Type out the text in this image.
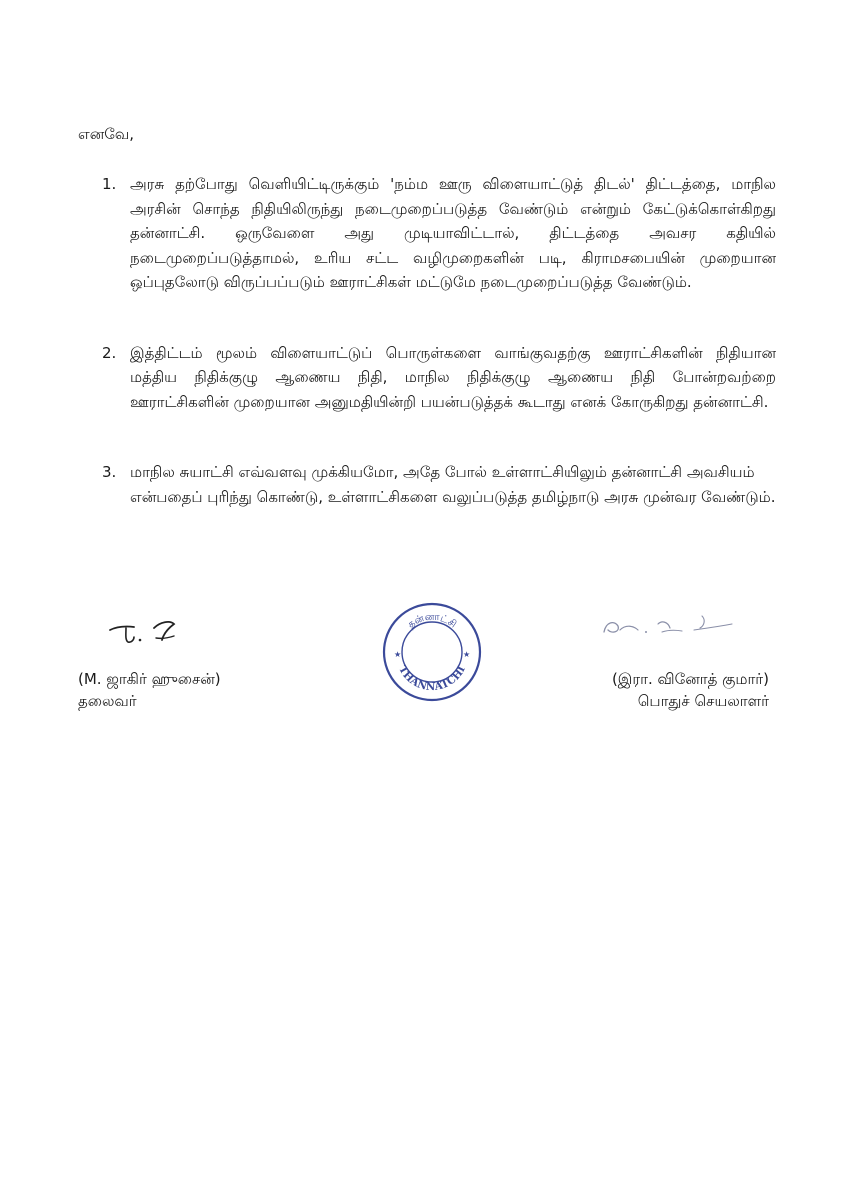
எனவே,
1. அரசு தற்போது வெளியிட்டிருக்கும் 'நம்ம ஊரு விளையாட்டுத் திடல்' திட்டத்தை, மாநில அரசின் சொந்த நிதியிலிருந்து நடைமுறைப்படுத்த வேண்டும் என்றும் கேட்டுக்கொள்கிறது தன்னாட்சி. ஒருவேளை அது முடியாவிட்டால், திட்டத்தை அவசர கதியில் நடைமுறைப்படுத்தாமல், உரிய சட்ட வழிமுறைகளின் படி, கிராமசபையின் முறையான ஒப்புதலோடு விருப்பப்படும் ஊராட்சிகள் மட்டுமே நடைமுறைப்படுத்த வேண்டும்.
2. இத்திட்டம் மூலம் விளையாட்டுப் பொருள்களை வாங்குவதற்கு ஊராட்சிகளின் நிதியான மத்திய நிதிக்குழு ஆணைய நிதி, மாநில நிதிக்குழு ஆணைய நிதி போன்றவற்றை ஊராட்சிகளின் முறையான அனுமதியின்றி பயன்படுத்தக் கூடாது எனக் கோருகிறது தன்னாட்சி.
3. மாநில சுயாட்சி எவ்வளவு முக்கியமோ, அதே போல் உள்ளாட்சியிலும் தன்னாட்சி அவசியம் என்பதைப் புரிந்து கொண்டு, உள்ளாட்சிகளை வலுப்படுத்த தமிழ்நாடு அரசு முன்வர வேண்டும்.
தன்னாட்சி
THANNATCHI
★	★
(M. ஜாகிர் ஹுசைன்)
தலைவர்
(இரா. வினோத் குமார்)
பொதுச் செயலாளர்
